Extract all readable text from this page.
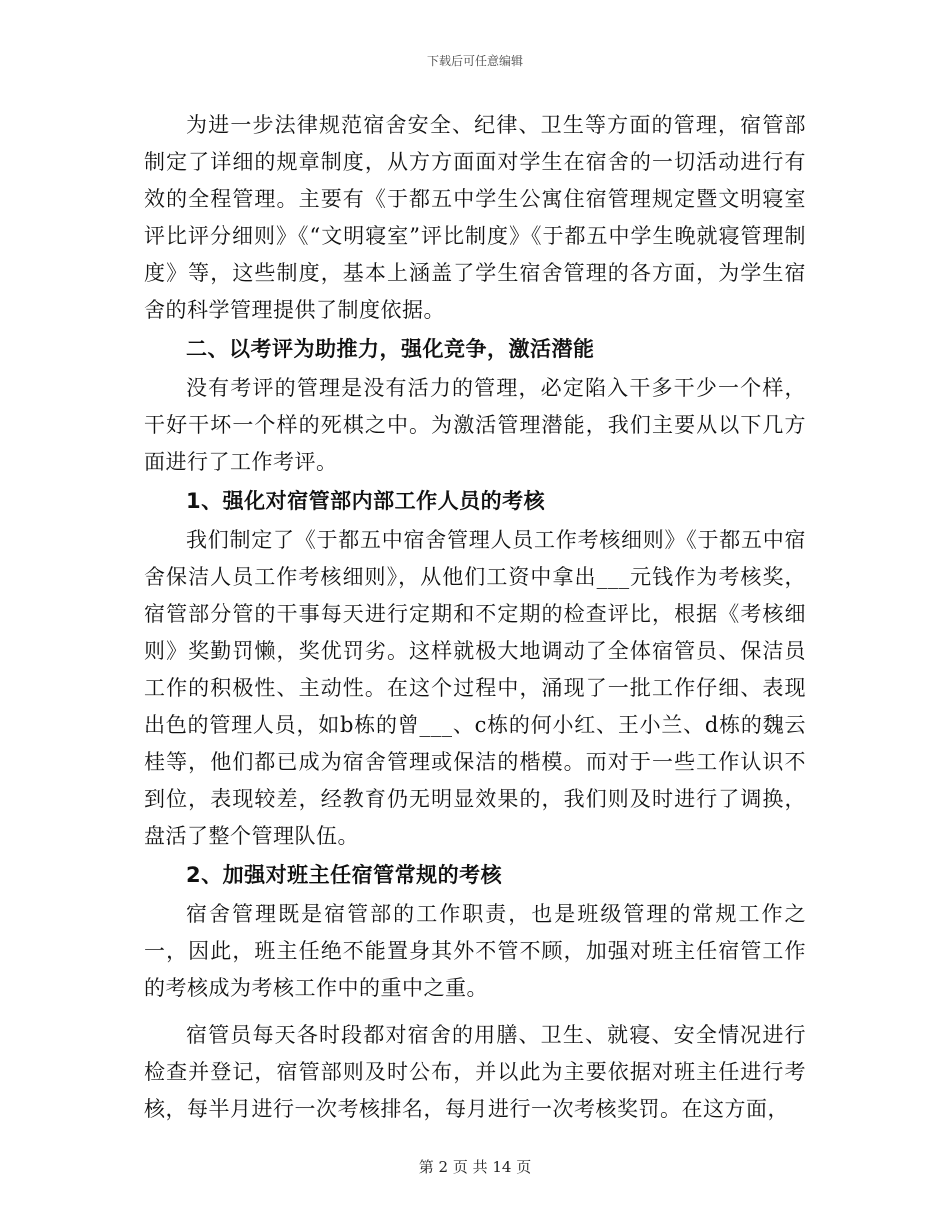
下载后可任意编辑

为进一步法律规范宿舍安全、纪律、卫生等方面的管理，宿管部制定了详细的规章制度，从方方面面对学生在宿舍的一切活动进行有效的全程管理。主要有《于都五中学生公寓住宿管理规定暨文明寝室评比评分细则》《“文明寝室”评比制度》《于都五中学生晚就寝管理制度》等，这些制度，基本上涵盖了学生宿舍管理的各方面，为学生宿舍的科学管理提供了制度依据。

二、以考评为助推力，强化竞争，激活潜能

没有考评的管理是没有活力的管理，必定陷入干多干少一个样，干好干坏一个样的死棋之中。为激活管理潜能，我们主要从以下几方面进行了工作考评。

1、强化对宿管部内部工作人员的考核

我们制定了《于都五中宿舍管理人员工作考核细则》《于都五中宿舍保洁人员工作考核细则》，从他们工资中拿出___元钱作为考核奖，宿管部分管的干事每天进行定期和不定期的检查评比，根据《考核细则》奖勤罚懒，奖优罚劣。这样就极大地调动了全体宿管员、保洁员工作的积极性、主动性。在这个过程中，涌现了一批工作仔细、表现出色的管理人员，如b栋的曾___、c栋的何小红、王小兰、d栋的魏云桂等，他们都已成为宿舍管理或保洁的楷模。而对于一些工作认识不到位，表现较差，经教育仍无明显效果的，我们则及时进行了调换，盘活了整个管理队伍。

2、加强对班主任宿管常规的考核

宿舍管理既是宿管部的工作职责，也是班级管理的常规工作之一，因此，班主任绝不能置身其外不管不顾，加强对班主任宿管工作的考核成为考核工作中的重中之重。

宿管员每天各时段都对宿舍的用膳、卫生、就寝、安全情况进行检查并登记，宿管部则及时公布，并以此为主要依据对班主任进行考核，每半月进行一次考核排名，每月进行一次考核奖罚。在这方面，

第 2 页 共 14 页
